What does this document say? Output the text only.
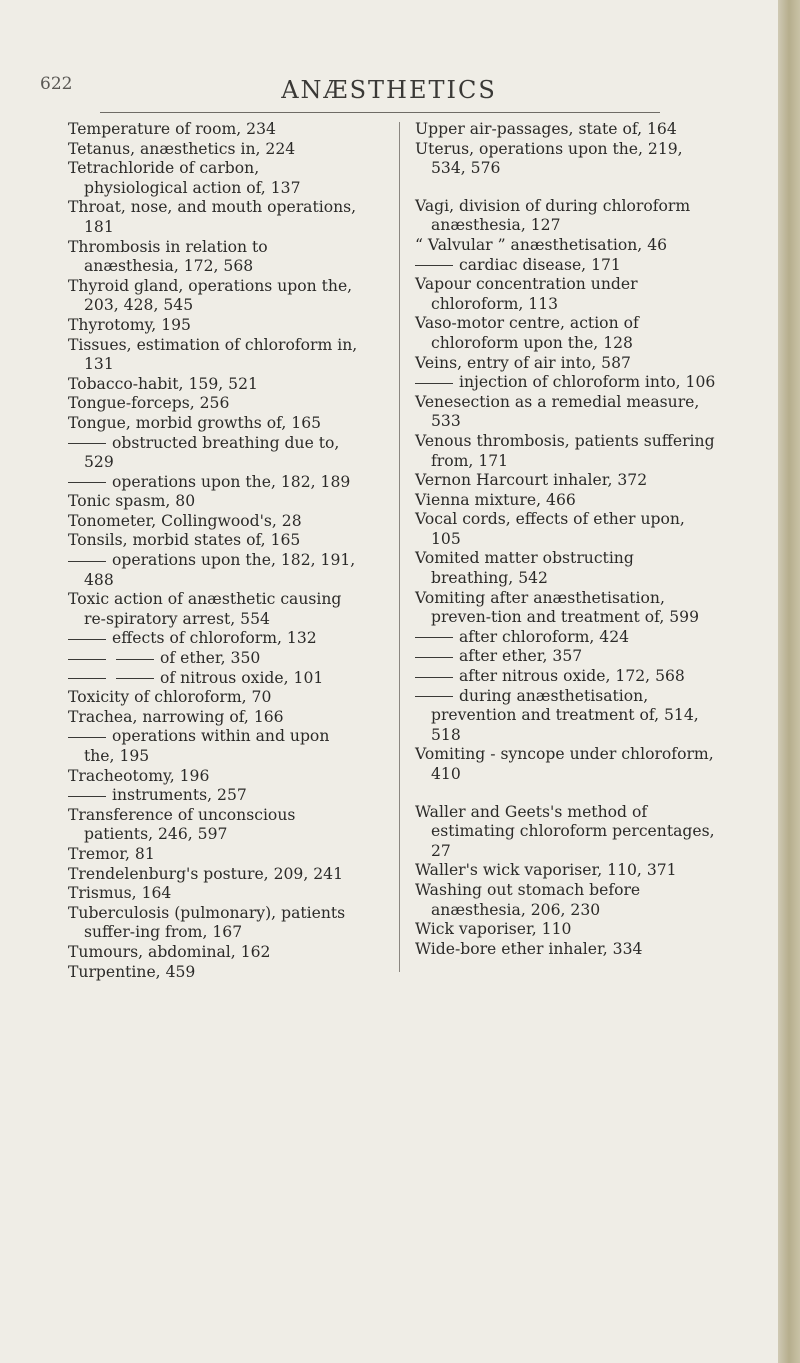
622	ANÆSTHETICS

Temperature of room, 234

Tetanus, anæsthetics in, 224

Tetrachloride of carbon, physiological action of, 137

Throat, nose, and mouth operations, 181

Thrombosis in relation to anæsthesia, 172, 568

Thyroid gland, operations upon the, 203, 428, 545

Thyrotomy, 195

Tissues, estimation of chloroform in, 131

Tobacco-habit, 159, 521

Tongue-forceps, 256

Tongue, morbid growths of, 165

obstructed breathing due to, 529

operations upon the, 182, 189

Tonic spasm, 80

Tonometer, Collingwood's, 28

Tonsils, morbid states of, 165

operations upon the, 182, 191, 488

Toxic action of anæsthetic causing re-spiratory arrest, 554

effects of chloroform, 132

of ether, 350

of nitrous oxide, 101

Toxicity of chloroform, 70

Trachea, narrowing of, 166

operations within and upon the, 195

Tracheotomy, 196

instruments, 257

Transference of unconscious patients, 246, 597

Tremor, 81

Trendelenburg's posture, 209, 241

Trismus, 164

Tuberculosis (pulmonary), patients suffer-ing from, 167

Tumours, abdominal, 162

Turpentine, 459

Upper air-passages, state of, 164

Uterus, operations upon the, 219, 534, 576

Vagi, division of during chloroform anæsthesia, 127

“ Valvular ” anæsthetisation, 46

cardiac disease, 171

Vapour concentration under chloroform, 113

Vaso-motor centre, action of chloroform upon the, 128

Veins, entry of air into, 587

injection of chloroform into, 106

Venesection as a remedial measure, 533

Venous thrombosis, patients suffering from, 171

Vernon Harcourt inhaler, 372

Vienna mixture, 466

Vocal cords, effects of ether upon, 105

Vomited matter obstructing breathing, 542

Vomiting after anæsthetisation, preven-tion and treatment of, 599

after chloroform, 424

after ether, 357

after nitrous oxide, 172, 568

during anæsthetisation, prevention and treatment of, 514, 518

Vomiting - syncope under chloroform, 410

Waller and Geets's method of estimating chloroform percentages, 27

Waller's wick vaporiser, 110, 371

Washing out stomach before anæsthesia, 206, 230

Wick vaporiser, 110

Wide-bore ether inhaler, 334
